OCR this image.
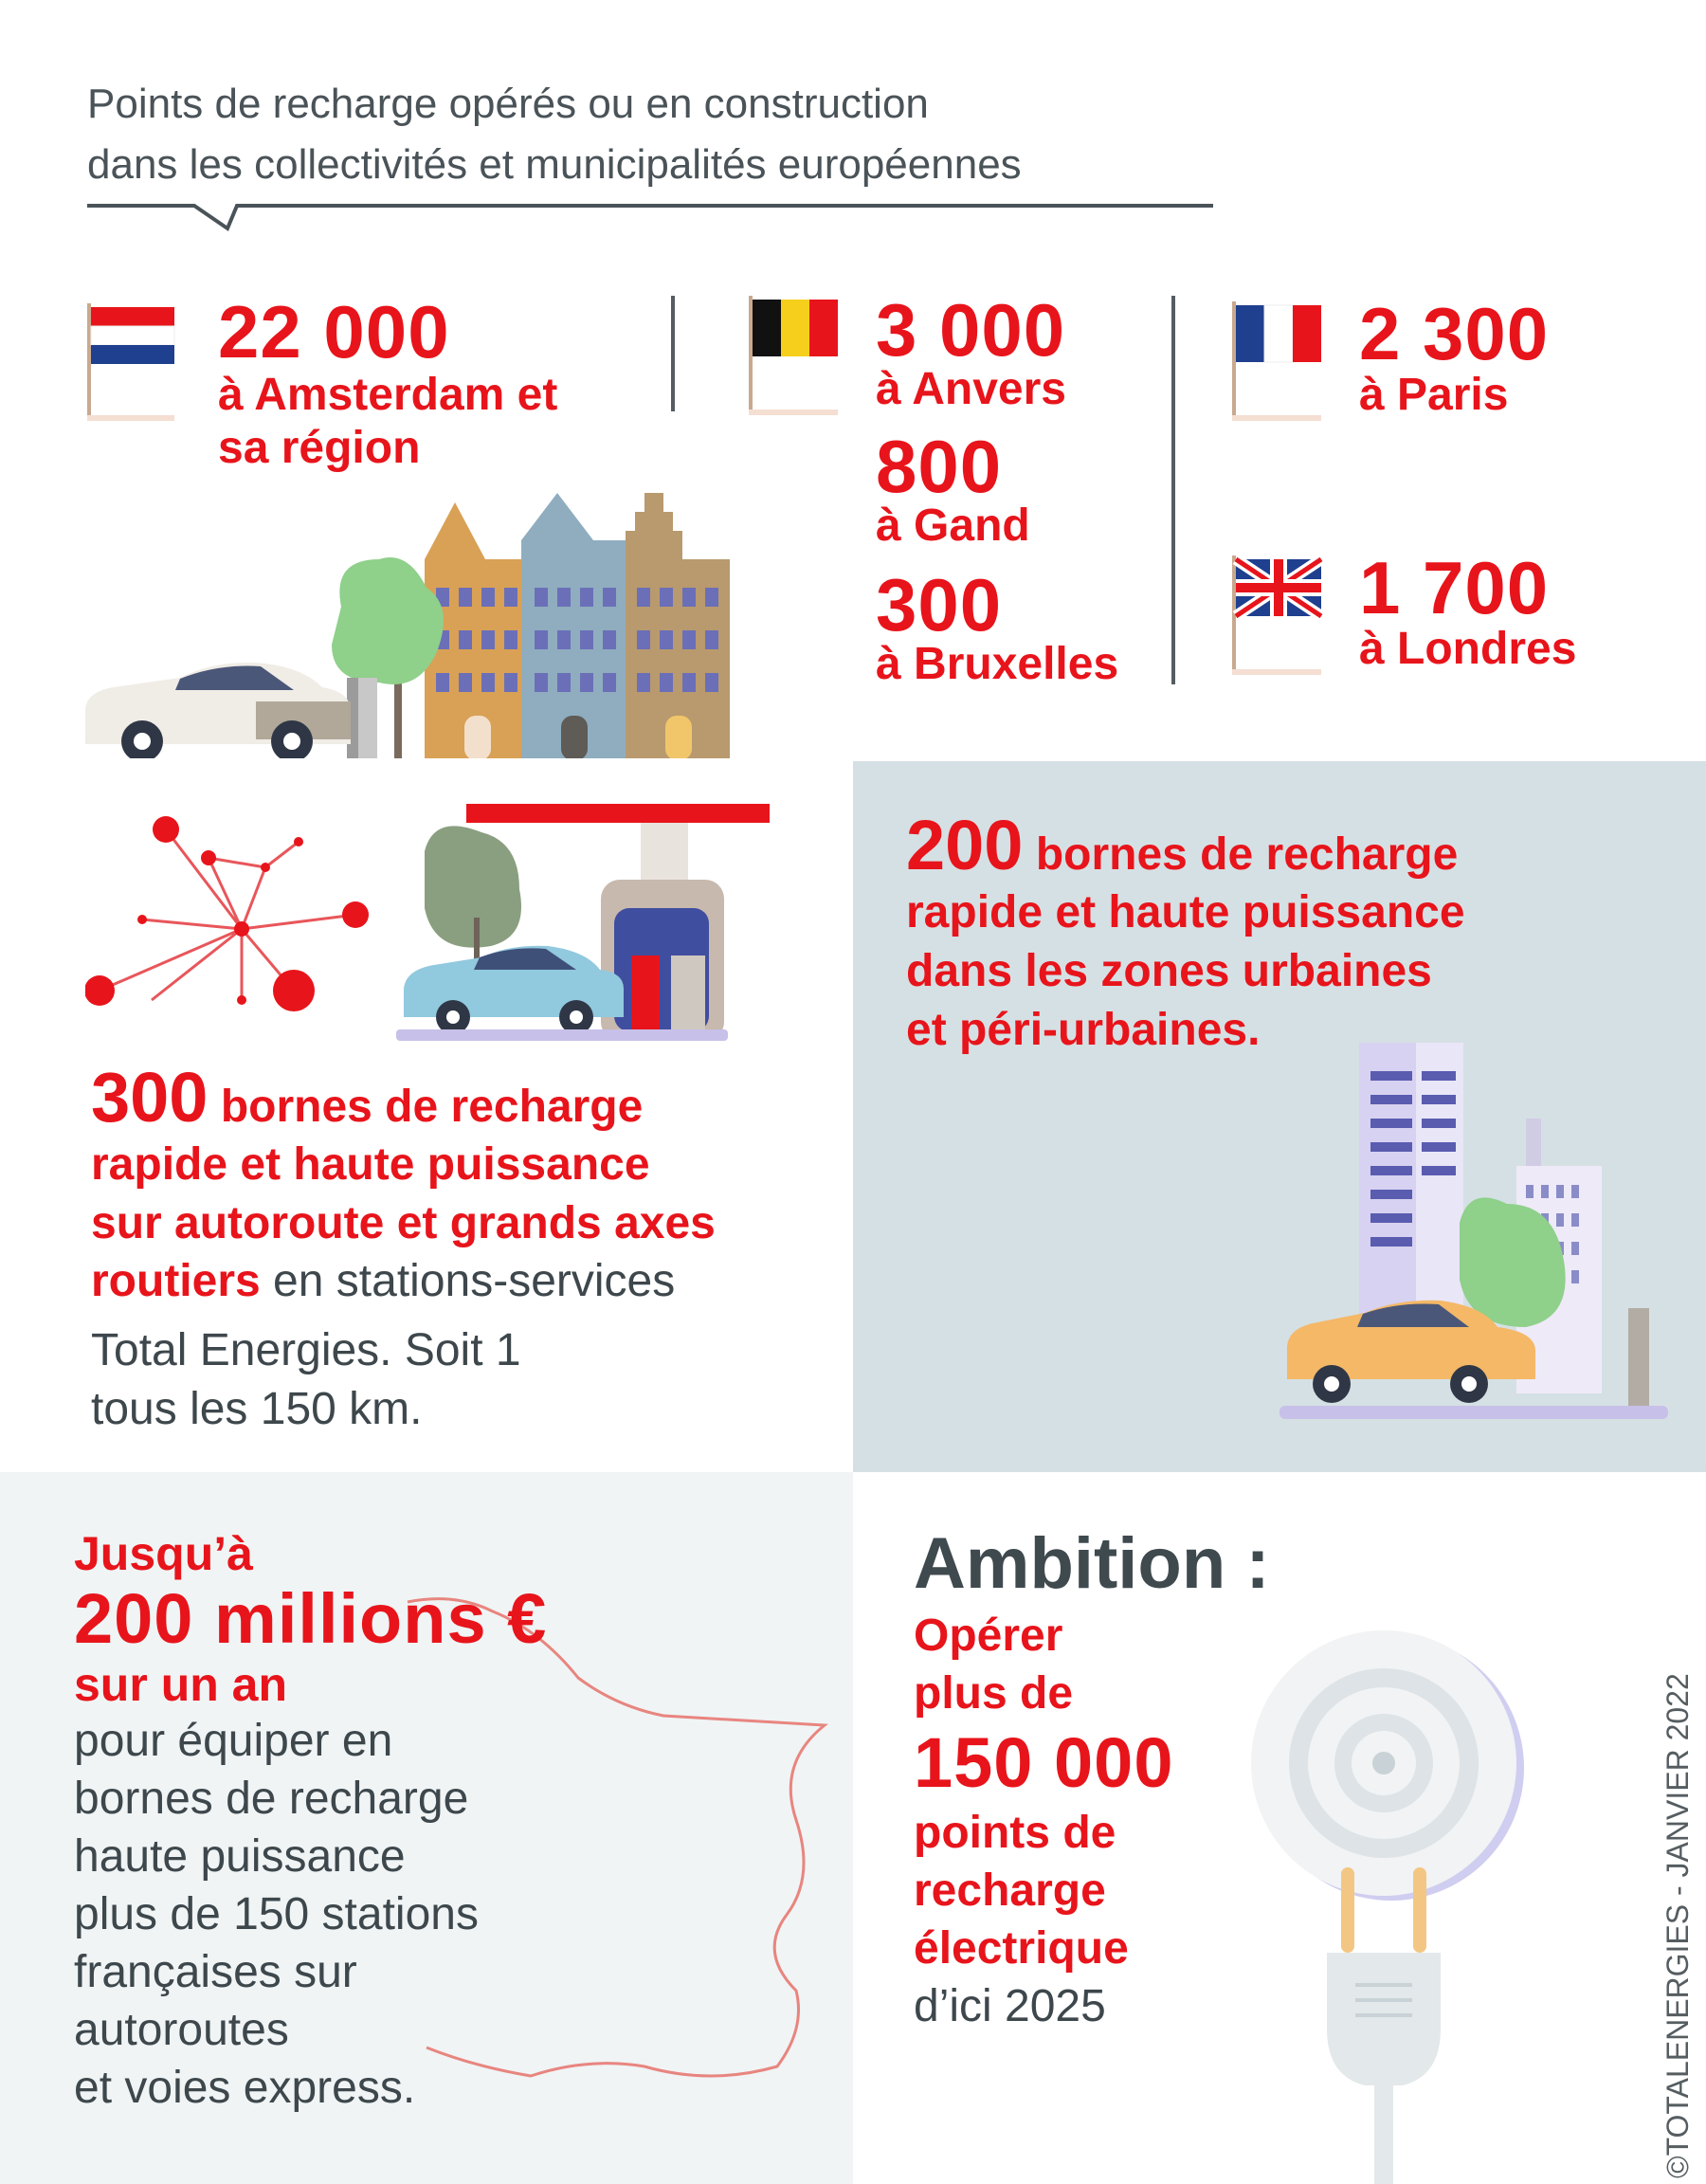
Points de recharge opérés ou en construction
dans les collectivités et municipalités européennes
22 000
à Amsterdam et
sa région
3 000
à Anvers
800
à Gand
300
à Bruxelles
2 300
à Paris
1 700
à Londres
300 bornes de recharge
rapide et haute puissance
sur autoroute et grands axes
routiers en stations-services
Total Energies. Soit 1
tous les 150 km.
200 bornes de recharge
rapide et haute puissance
dans les zones urbaines
et péri-urbaines.
Jusqu’à
200 millions €
sur un an
pour équiper en
bornes de recharge
haute puissance
plus de 150 stations
françaises sur
autoroutes
et voies express.
Ambition :
Opérer
plus de
150 000
points de
recharge
électrique
d’ici 2025	©TOTALENERGIES - JANVIER 2022
